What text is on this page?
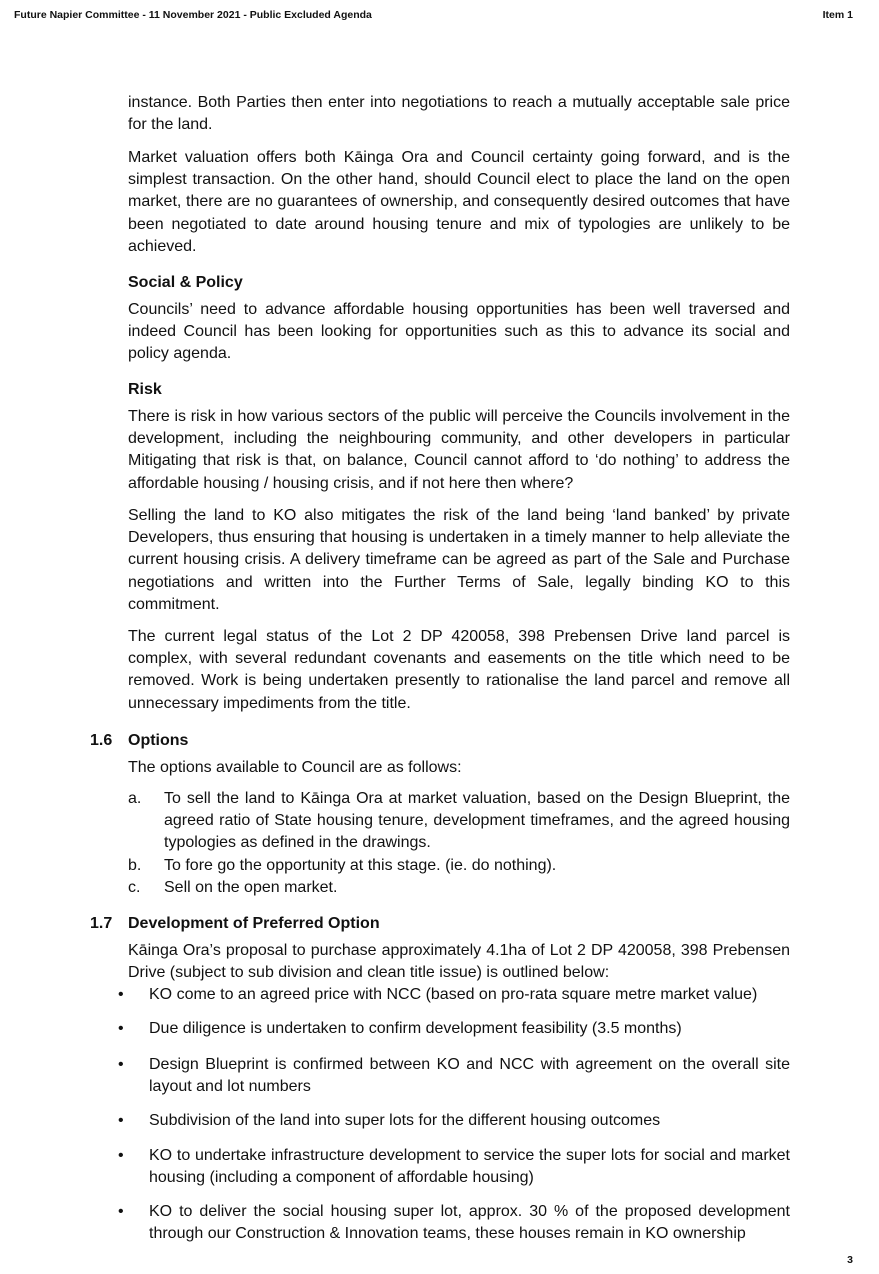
Future Napier Committee - 11 November 2021 - Public Excluded Agenda	Item 1

instance. Both Parties then enter into negotiations to reach a mutually acceptable sale price for the land.

Market valuation offers both Kāinga Ora and Council certainty going forward, and is the simplest transaction. On the other hand, should Council elect to place the land on the open market, there are no guarantees of ownership, and consequently desired outcomes that have been negotiated to date around housing tenure and mix of typologies are unlikely to be achieved.

Social & Policy

Councils’ need to advance affordable housing opportunities has been well traversed and indeed Council has been looking for opportunities such as this to advance its social and policy agenda.

Risk

There is risk in how various sectors of the public will perceive the Councils involvement in the development, including the neighbouring community, and other developers in particular Mitigating that risk is that, on balance, Council cannot afford to ‘do nothing’ to address the affordable housing / housing crisis, and if not here then where?

Selling the land to KO also mitigates the risk of the land being ‘land banked’ by private Developers, thus ensuring that housing is undertaken in a timely manner to help alleviate the current housing crisis. A delivery timeframe can be agreed as part of the Sale and Purchase negotiations and written into the Further Terms of Sale, legally binding KO to this commitment.

The current legal status of the Lot 2 DP 420058, 398 Prebensen Drive land parcel is complex, with several redundant covenants and easements on the title which need to be removed. Work is being undertaken presently to rationalise the land parcel and remove all unnecessary impediments from the title.

1.6 Options

The options available to Council are as follows:

a. To sell the land to Kāinga Ora at market valuation, based on the Design Blueprint, the agreed ratio of State housing tenure, development timeframes, and the agreed housing typologies as defined in the drawings.
b. To fore go the opportunity at this stage. (ie. do nothing).
c. Sell on the open market.
1.7 Development of Preferred Option

Kāinga Ora’s proposal to purchase approximately 4.1ha of Lot 2 DP 420058, 398 Prebensen Drive (subject to sub division and clean title issue) is outlined below:

• KO come to an agreed price with NCC (based on pro-rata square metre market value)
• Due diligence is undertaken to confirm development feasibility (3.5 months)
• Design Blueprint is confirmed between KO and NCC with agreement on the overall site layout and lot numbers
• Subdivision of the land into super lots for the different housing outcomes
• KO to undertake infrastructure development to service the super lots for social and market housing (including a component of affordable housing)
• KO to deliver the social housing super lot, approx. 30 % of the proposed development through our Construction & Innovation teams, these houses remain in KO ownership
3
